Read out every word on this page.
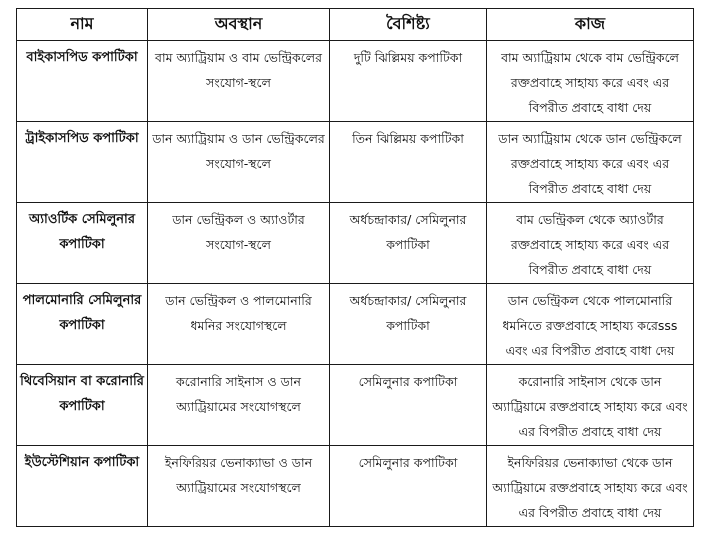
নাম	অবস্থান	বৈশিষ্ট্য	কাজ
বাইকাসপিড কপাটিকা	বাম অ্যাট্রিয়াম ও বাম ভেন্ট্রিকলের সংযোগ-স্থলে	দুটি ঝিল্লিময় কপাটিকা	বাম অ্যাট্রিয়াম থেকে বাম ভেন্ট্রিকলে রক্তপ্রবাহে সাহায্য করে এবং এর বিপরীত প্রবাহে বাধা দেয়
ট্রাইকাসপিড কপাটিকা	ডান অ্যাট্রিয়াম ও ডান ভেন্ট্রিকলের সংযোগ-স্থলে	তিন ঝিল্লিময় কপাটিকা	ডান অ্যাট্রিয়াম থেকে ডান ভেন্ট্রিকলে রক্তপ্রবাহে সাহায্য করে এবং এর বিপরীত প্রবাহে বাধা দেয়
অ্যাওর্টিক সেমিলুনার কপাটিকা	ডান ভেন্ট্রিকল ও অ্যাওর্টার সংযোগ-স্থলে	অর্ধচন্দ্রাকার/ সেমিলুনার কপাটিকা	বাম ভেন্ট্রিকল থেকে অ্যাওর্টার রক্তপ্রবাহে সাহায্য করে এবং এর বিপরীত প্রবাহে বাধা দেয়
পালমোনারি সেমিলুনার কপাটিকা	ডান ভেন্ট্রিকল ও পালমোনারি ধমনির সংযোগস্থলে	অর্ধচন্দ্রাকার/ সেমিলুনার কপাটিকা	ডান ভেন্ট্রিকল থেকে পালমোনারি ধমনিতে রক্তপ্রবাহে সাহায্য করেsss এবং এর বিপরীত প্রবাহে বাধা দেয়
থিবেসিয়ান বা করোনারি কপাটিকা	করোনারি সাইনাস ও ডান অ্যাট্রিয়ামের সংযোগস্থলে	সেমিলুনার কপাটিকা	করোনারি সাইনাস থেকে ডান অ্যাট্রিয়ামে রক্তপ্রবাহে সাহায্য করে এবং এর বিপরীত প্রবাহে বাধা দেয়
ইউস্টেশিয়ান কপাটিকা	ইনফিরিয়র ভেনাক্যাভা ও ডান অ্যাট্রিয়ামের সংযোগস্থলে	সেমিলুনার কপাটিকা	ইনফিরিয়র ভেনাক্যাভা থেকে ডান অ্যাট্রিয়ামে রক্তপ্রবাহে সাহায্য করে এবং এর বিপরীত প্রবাহে বাধা দেয়
